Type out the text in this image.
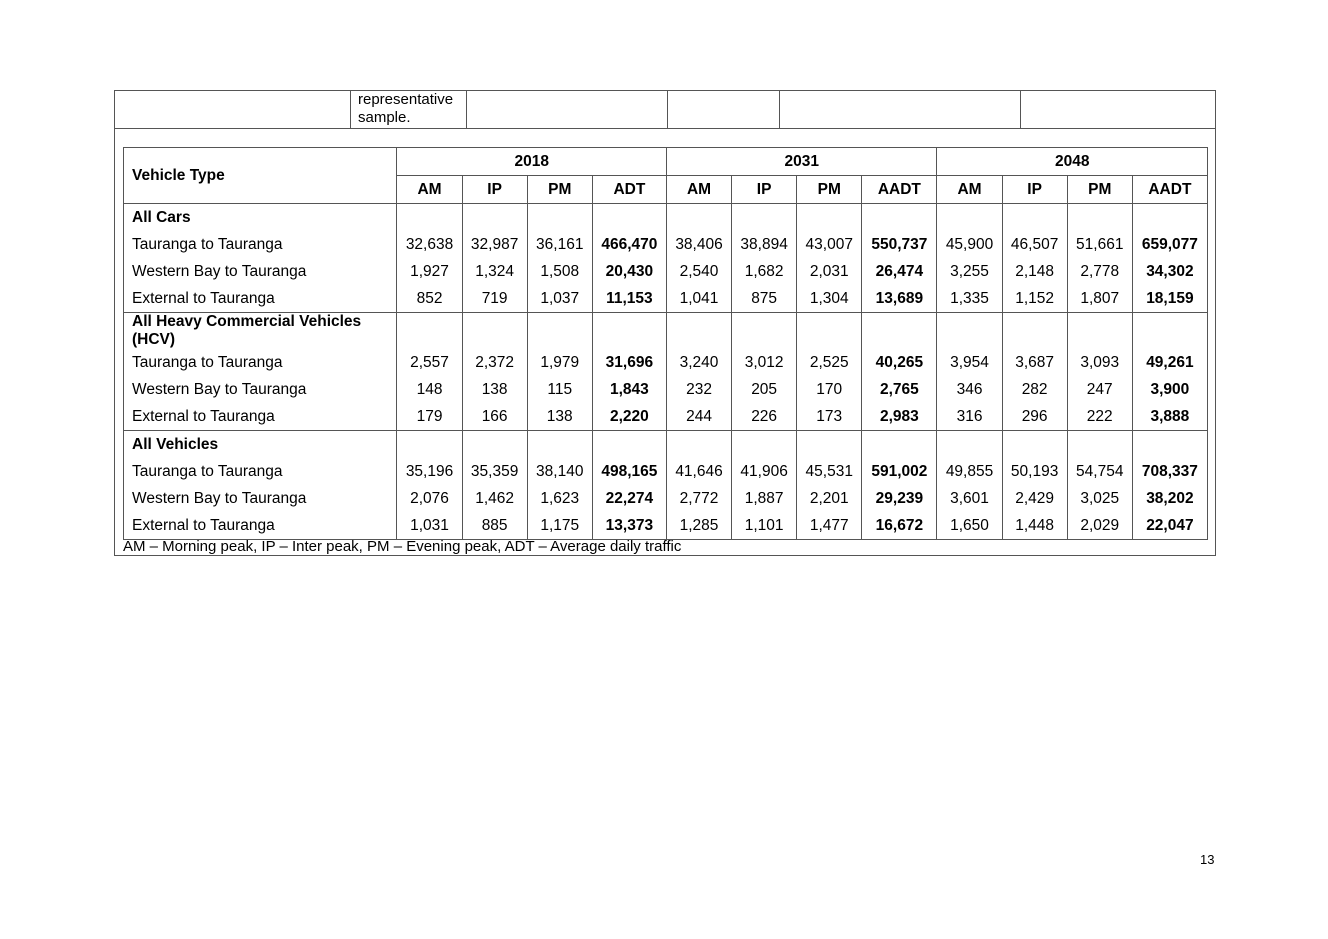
representative sample.
Vehicle Type	2018				2031				2048			
	AM	IP	PM	ADT	AM	IP	PM	AADT	AM	IP	PM	AADT
All Cars												
Tauranga to Tauranga	32,638	32,987	36,161	466,470	38,406	38,894	43,007	550,737	45,900	46,507	51,661	659,077
Western Bay to Tauranga	1,927	1,324	1,508	20,430	2,540	1,682	2,031	26,474	3,255	2,148	2,778	34,302
External to Tauranga	852	719	1,037	11,153	1,041	875	1,304	13,689	1,335	1,152	1,807	18,159
All Heavy Commercial Vehicles (HCV)												
Tauranga to Tauranga	2,557	2,372	1,979	31,696	3,240	3,012	2,525	40,265	3,954	3,687	3,093	49,261
Western Bay to Tauranga	148	138	115	1,843	232	205	170	2,765	346	282	247	3,900
External to Tauranga	179	166	138	2,220	244	226	173	2,983	316	296	222	3,888
All Vehicles												
Tauranga to Tauranga	35,196	35,359	38,140	498,165	41,646	41,906	45,531	591,002	49,855	50,193	54,754	708,337
Western Bay to Tauranga	2,076	1,462	1,623	22,274	2,772	1,887	2,201	29,239	3,601	2,429	3,025	38,202
External to Tauranga	1,031	885	1,175	13,373	1,285	1,101	1,477	16,672	1,650	1,448	2,029	22,047
AM – Morning peak, IP – Inter peak, PM – Evening peak, ADT – Average daily traffic
13
